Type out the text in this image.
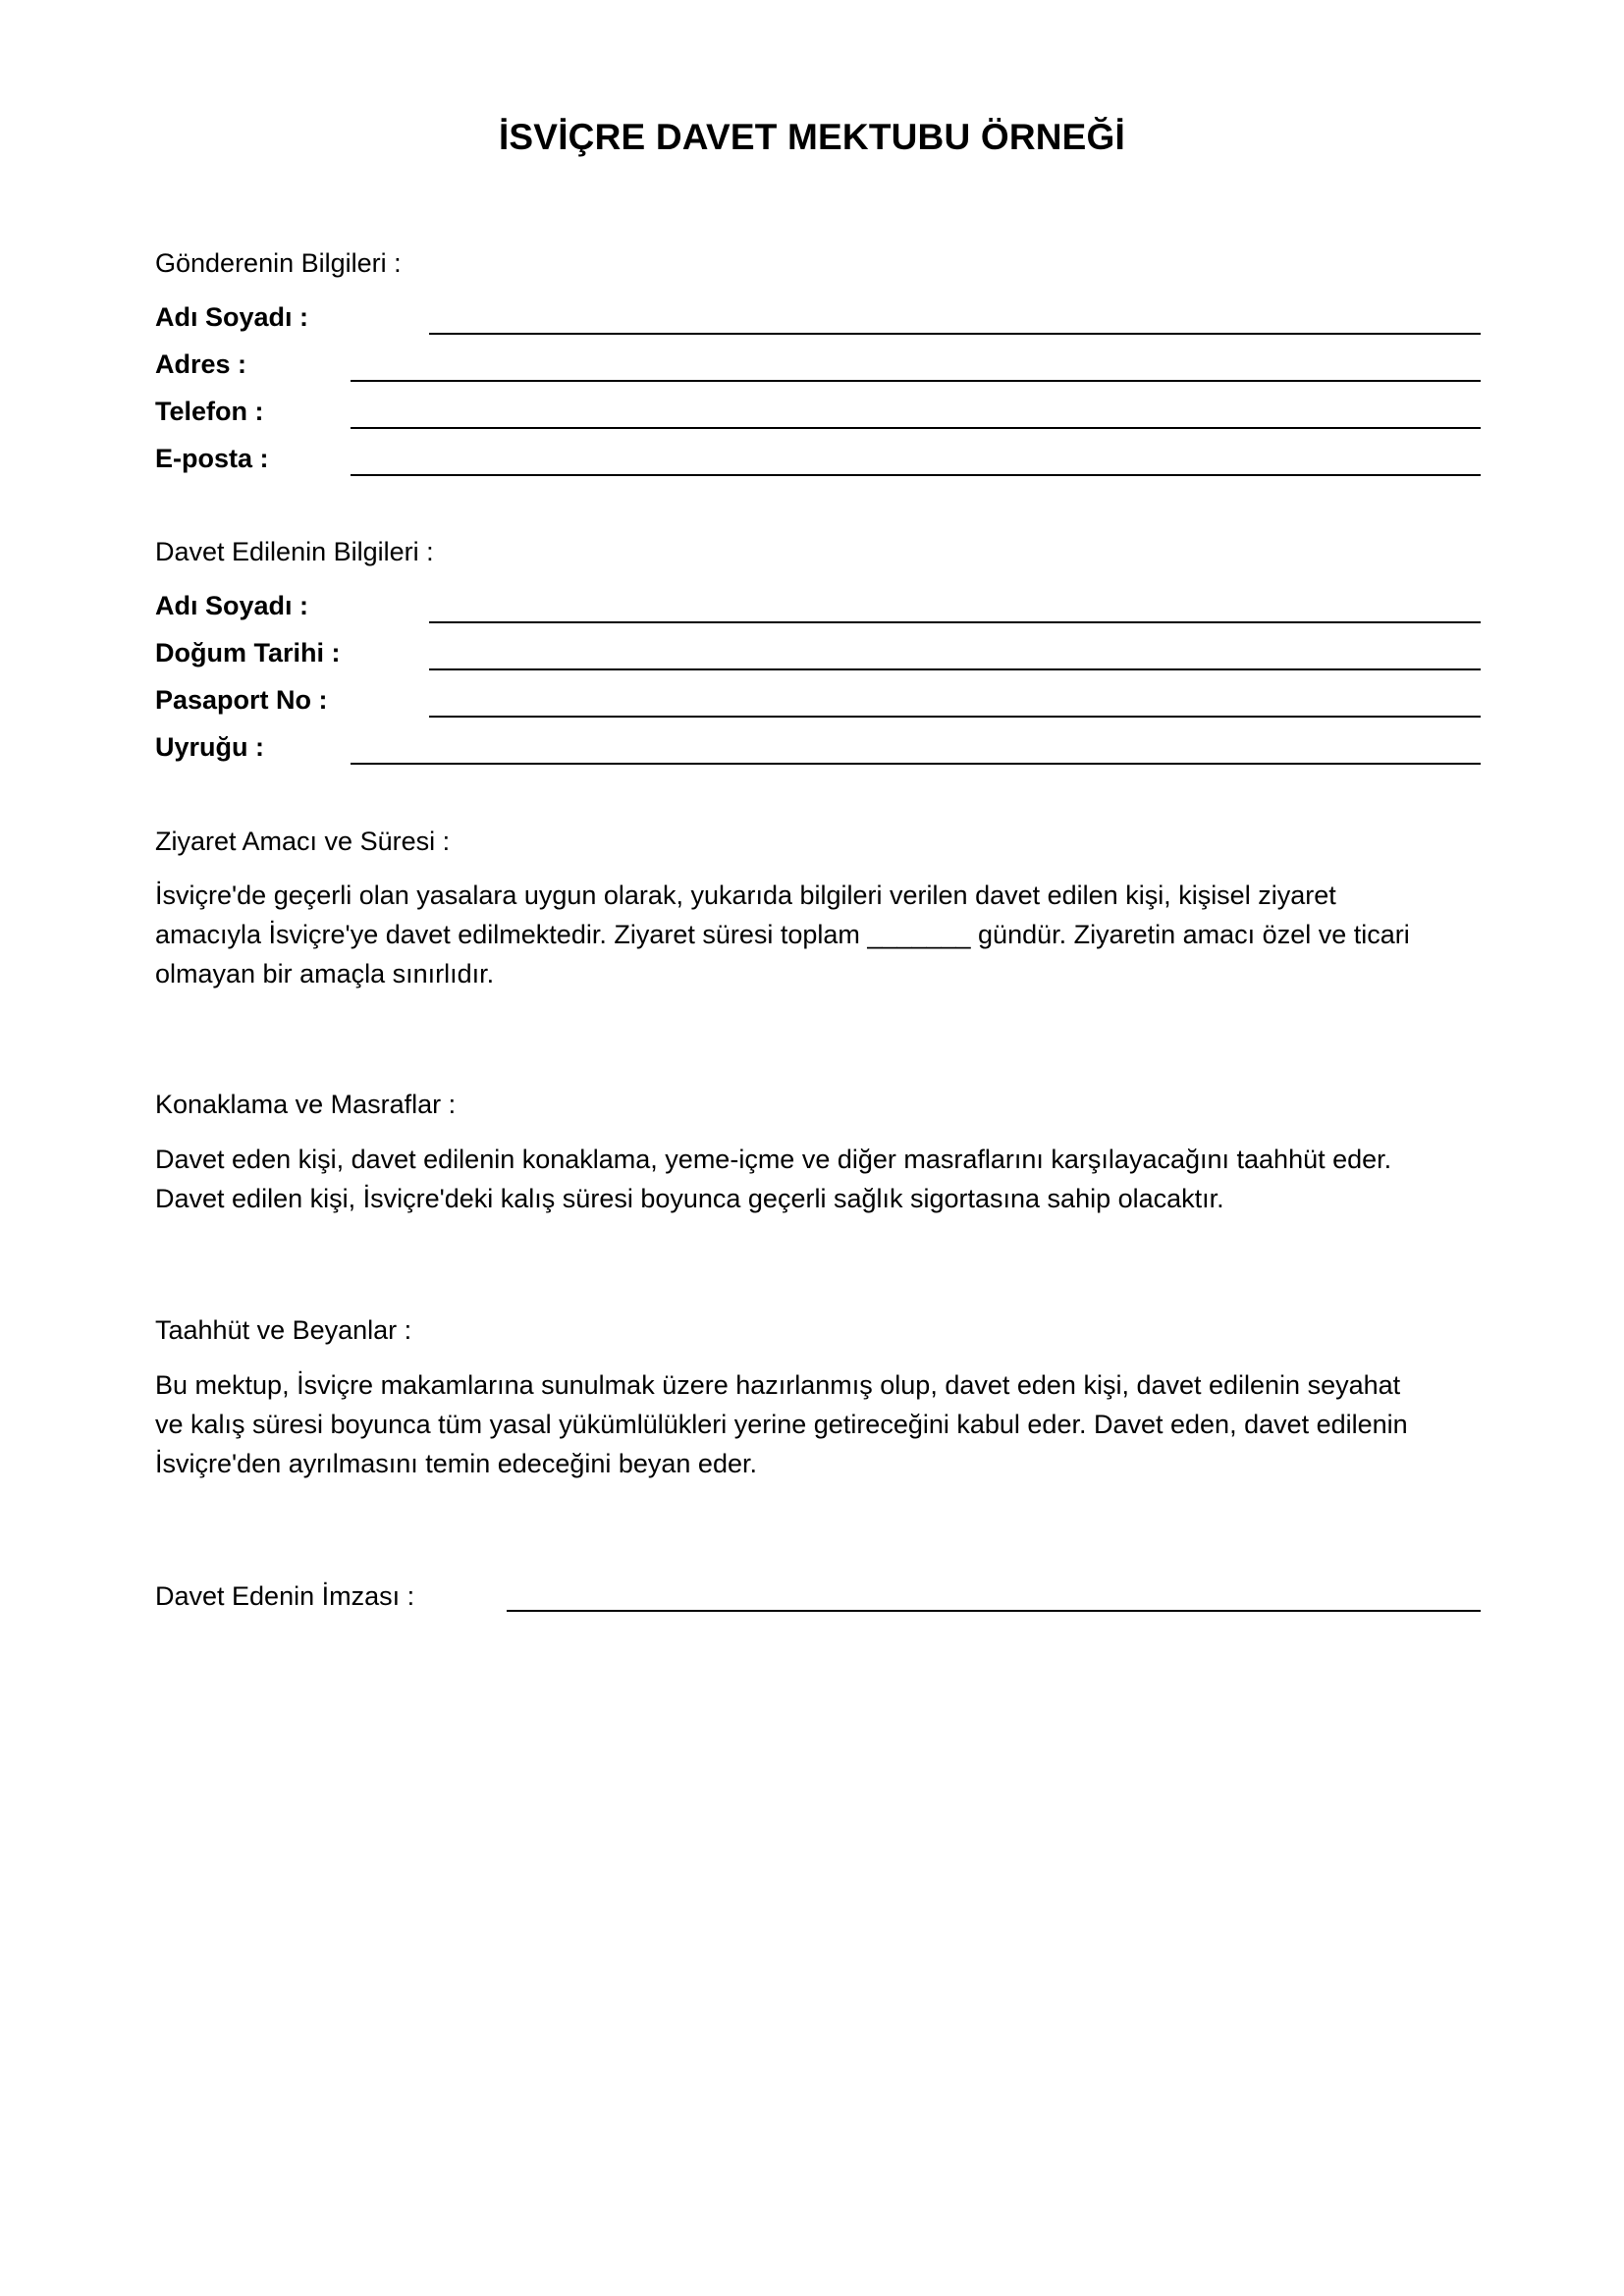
İSVİÇRE DAVET MEKTUBU ÖRNEĞİ
Gönderenin Bilgileri :
Adı Soyadı :
Adres :
Telefon :
E-posta :
Davet Edilenin Bilgileri :
Adı Soyadı :
Doğum Tarihi :
Pasaport No :
Uyruğu :
Ziyaret Amacı ve Süresi :
İsviçre'de geçerli olan yasalara uygun olarak, yukarıda bilgileri verilen davet edilen kişi, kişisel ziyaret
amacıyla İsviçre'ye davet edilmektedir. Ziyaret süresi toplam _______ gündür. Ziyaretin amacı özel ve ticari
olmayan bir amaçla sınırlıdır.
Konaklama ve Masraflar :
Davet eden kişi, davet edilenin konaklama, yeme-içme ve diğer masraflarını karşılayacağını taahhüt eder.
Davet edilen kişi, İsviçre'deki kalış süresi boyunca geçerli sağlık sigortasına sahip olacaktır.
Taahhüt ve Beyanlar :
Bu mektup, İsviçre makamlarına sunulmak üzere hazırlanmış olup, davet eden kişi, davet edilenin seyahat
ve kalış süresi boyunca tüm yasal yükümlülükleri yerine getireceğini kabul eder. Davet eden, davet edilenin
İsviçre'den ayrılmasını temin edeceğini beyan eder.
Davet Edenin İmzası :
